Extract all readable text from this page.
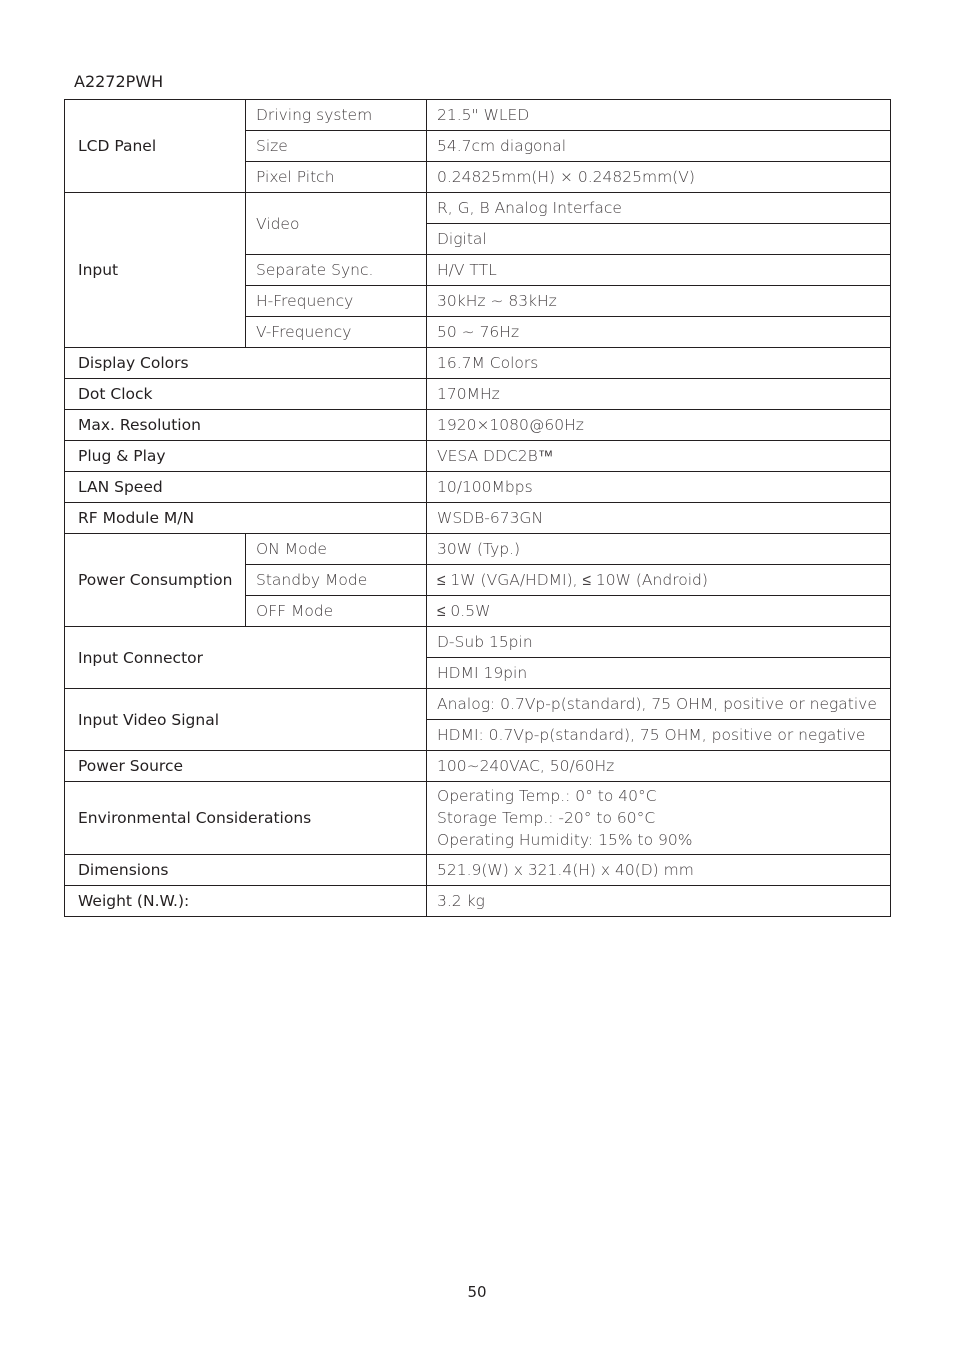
A2272PWH
LCD Panel	Driving system	21.5" WLED
	Size	54.7cm diagonal
	Pixel Pitch	0.24825mm(H) × 0.24825mm(V)
Input	Video	R, G, B Analog Interface
		Digital
	Separate Sync.	H/V TTL
	H-Frequency	30kHz ~ 83kHz
	V-Frequency	50 ~ 76Hz
Display Colors		16.7M Colors
Dot Clock		170MHz
Max. Resolution		1920×1080@60Hz
Plug & Play		VESA DDC2B™
LAN Speed		10/100Mbps
RF Module M/N		WSDB-673GN
Power Consumption	ON Mode	30W (Typ.)
	Standby Mode	≤ 1W (VGA/HDMI), ≤ 10W (Android)
	OFF Mode	≤ 0.5W
Input Connector		D-Sub 15pin
		HDMI 19pin
Input Video Signal		Analog: 0.7Vp-p(standard), 75 OHM, positive or negative
		HDMI: 0.7Vp-p(standard), 75 OHM, positive or negative
Power Source		100~240VAC, 50/60Hz
Environmental Considerations		Operating Temp.: 0° to 40°C
Storage Temp.: -20° to 60°C
Operating Humidity: 15% to 90%

Dimensions		521.9(W) x 321.4(H) x 40(D) mm
Weight (N.W.):		3.2 kg
50
